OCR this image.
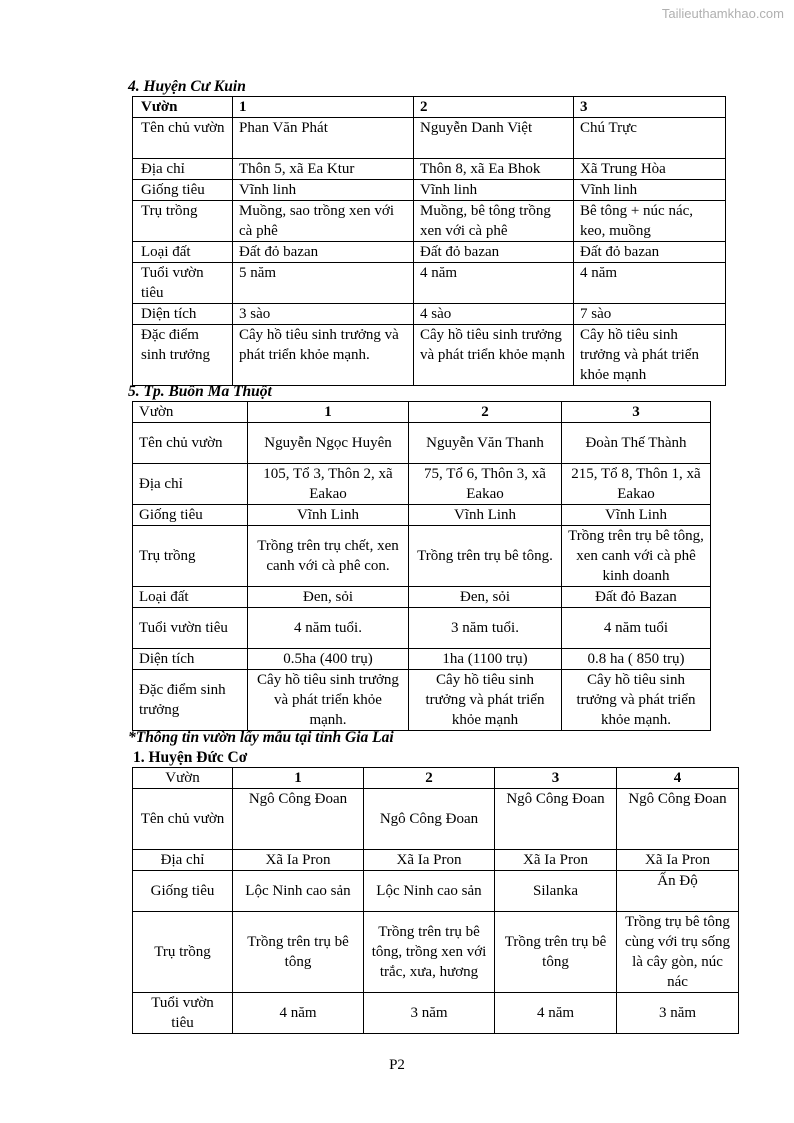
Tailieuthamkhao.com
4. Huyện Cư Kuin
Vườn	1	2	3
Tên chủ vườn	Phan Văn Phát	Nguyễn Danh Việt	Chú Trực
Địa chỉ	Thôn 5, xã Ea Ktur	Thôn 8, xã Ea Bhok	Xã Trung Hòa
Giống tiêu	Vĩnh linh	Vĩnh linh	Vĩnh linh
Trụ trồng	Muồng, sao trồng xen với cà phê	Muồng, bê tông trồng xen với cà phê	Bê tông + núc nác, keo, muồng
Loại đất	Đất đỏ bazan	Đất đỏ bazan	Đất đỏ bazan
Tuổi vườn tiêu	5 năm	4 năm	4 năm
Diện tích	3 sào	4 sào	7 sào
Đặc điểm sinh trưởng	Cây hồ tiêu sinh trưởng và phát triển khỏe mạnh.	Cây hồ tiêu sinh trưởng và phát triển khỏe mạnh	Cây hồ tiêu sinh trưởng và phát triển khỏe mạnh
5. Tp. Buôn Ma Thuột
Vườn	1	2	3
Tên chủ vườn	Nguyễn Ngọc Huyên	Nguyễn Văn Thanh	Đoàn Thế Thành
Địa chỉ	105, Tổ 3, Thôn 2, xã Eakao	75, Tổ 6, Thôn 3, xã Eakao	215, Tổ 8, Thôn 1, xã Eakao
Giống tiêu	Vĩnh Linh	Vĩnh Linh	Vĩnh Linh
Trụ trồng	Trồng trên trụ chết, xen canh với cà phê con.	Trồng trên trụ bê tông.	Trồng trên trụ bê tông, xen canh với cà phê kinh doanh
Loại đất	Đen, sỏi	Đen, sỏi	Đất đỏ Bazan
Tuổi vườn tiêu	4 năm tuổi.	3 năm tuổi.	4 năm tuổi
Diện tích	0.5ha (400 trụ)	1ha (1100 trụ)	0.8 ha ( 850 trụ)
Đặc điểm sinh trưởng	Cây hồ tiêu sinh trưởng và phát triển khỏe mạnh.	Cây hồ tiêu sinh trưởng và phát triển khỏe mạnh	Cây hồ tiêu sinh trưởng và phát triển khỏe mạnh.
*Thông tin vườn lấy mẫu tại tỉnh Gia Lai
1. Huyện Đức Cơ
Vườn	1	2	3	4
Tên chủ vườn	Ngô Công Đoan	Ngô Công Đoan	Ngô Công Đoan	Ngô Công Đoan
Địa chỉ	Xã Ia Pron	Xã Ia Pron	Xã Ia Pron	Xã Ia Pron
Giống tiêu	Lộc Ninh cao sản	Lộc Ninh cao sản	Silanka	Ấn Độ
Trụ trồng	Trồng trên trụ bê tông	Trồng trên trụ bê tông, trồng xen với trắc, xưa, hương	Trồng trên trụ bê tông	Trồng trụ bê tông cùng với trụ sống là cây gòn, núc nác
Tuổi vườn tiêu	4 năm	3 năm	4 năm	3 năm
P2
